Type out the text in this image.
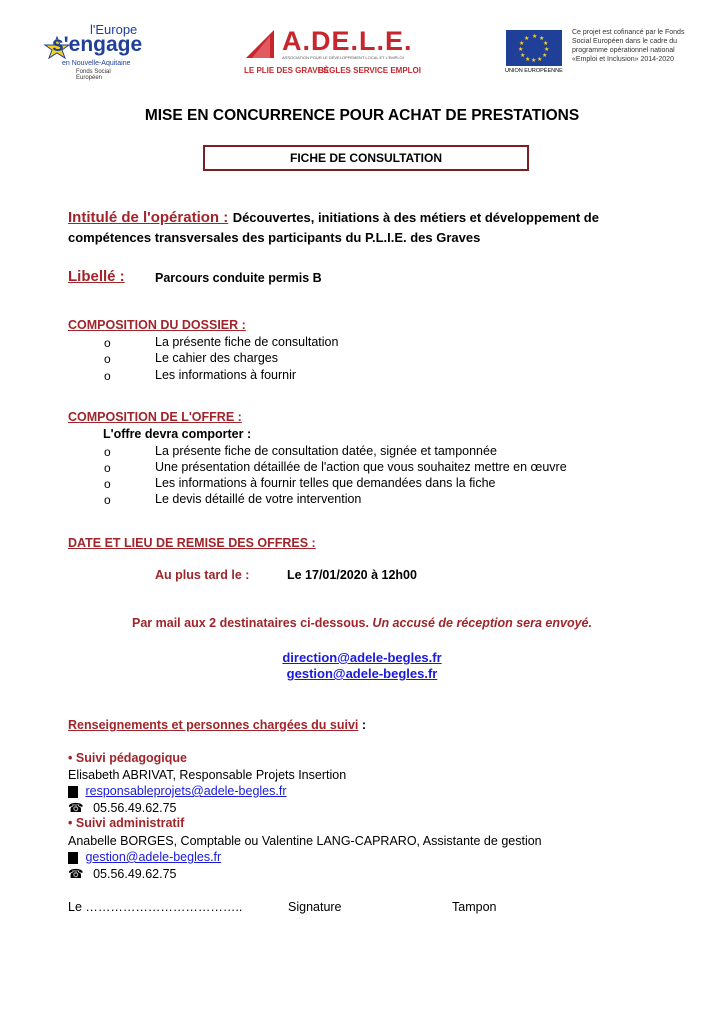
l'Europe
s'engage
en Nouvelle-Aquitaine
Fonds Social Européen
A.DE.L.E.
ASSOCIATION POUR LE DÉVELOPPEMENT LOCAL ET L'EMPLOI
LE PLIE DES GRAVES
BÈGLES SERVICE EMPLOI
★ ★
★
★
★
★
★
★
★
★
★
★
UNION EUROPÉENNE
Ce projet est cofinancé par le Fonds Social Européen dans le cadre du programme opérationnel national «Emploi et Inclusion» 2014-2020
MISE EN CONCURRENCE POUR ACHAT DE PRESTATIONS
FICHE DE CONSULTATION
Intitulé de l'opération : Découvertes, initiations à des métiers et développement de
compétences transversales des participants du P.L.I.E. des Graves
Libellé : Parcours conduite permis B
COMPOSITION DU DOSSIER :
o	La présente fiche de consultation
o	Le cahier des charges
o	Les informations à fournir
COMPOSITION DE L'OFFRE :
L'offre devra comporter :
o	La présente fiche de consultation datée, signée et tamponnée
o	Une présentation détaillée de l'action que vous souhaitez mettre en œuvre
o	Les informations à fournir telles que demandées dans la fiche
o	Le devis détaillé de votre intervention
DATE ET LIEU DE REMISE DES OFFRES :
Au plus tard le :	Le 17/01/2020 à 12h00
Par mail aux 2 destinataires ci-dessous. Un accusé de réception sera envoyé.
direction@adele-begles.fr
gestion@adele-begles.fr
Renseignements et personnes chargées du suivi :
• Suivi pédagogique
Elisabeth ABRIVAT, Responsable Projets Insertion
responsableprojets@adele-begles.fr
☎ 05.56.49.62.75
• Suivi administratif
Anabelle BORGES, Comptable ou Valentine LANG-CAPRARO, Assistante de gestion
gestion@adele-begles.fr
☎ 05.56.49.62.75
Le ………………………………..	Signature	Tampon
